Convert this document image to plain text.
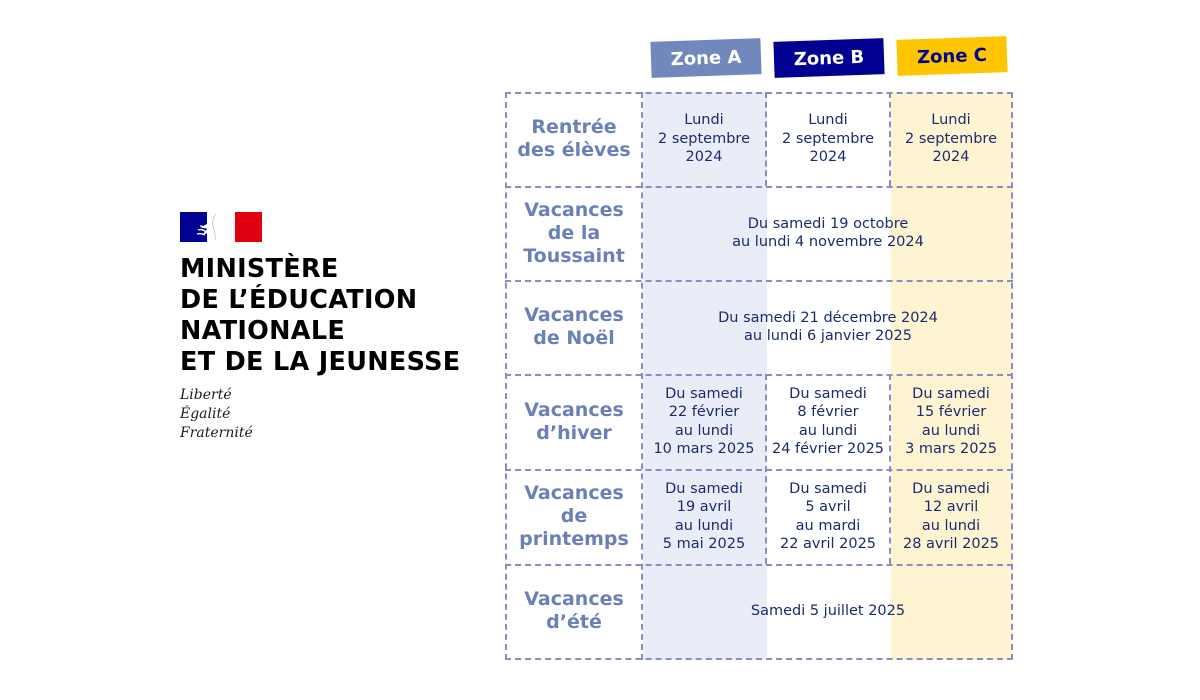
MINISTÈRE
DE L’ÉDUCATION
NATIONALE
ET DE LA JEUNESSE
Liberté
Égalité
Fraternité
Zone A	Zone B	Zone C
Rentrée
des élèves
Lundi
2 septembre
2024
Lundi
2 septembre
2024
Lundi
2 septembre
2024
Vacances
de la
Toussaint
Du samedi 19 octobre
au lundi 4 novembre 2024
Vacances
de Noël
Du samedi 21 décembre 2024
au lundi 6 janvier 2025
Vacances
d’hiver
Du samedi
22 février
au lundi
10 mars 2025
Du samedi
8 février
au lundi
24 février 2025
Du samedi
15 février
au lundi
3 mars 2025
Vacances
de
printemps
Du samedi
19 avril
au lundi
5 mai 2025
Du samedi
5 avril
au mardi
22 avril 2025
Du samedi
12 avril
au lundi
28 avril 2025
Vacances
d’été
Samedi 5 juillet 2025
